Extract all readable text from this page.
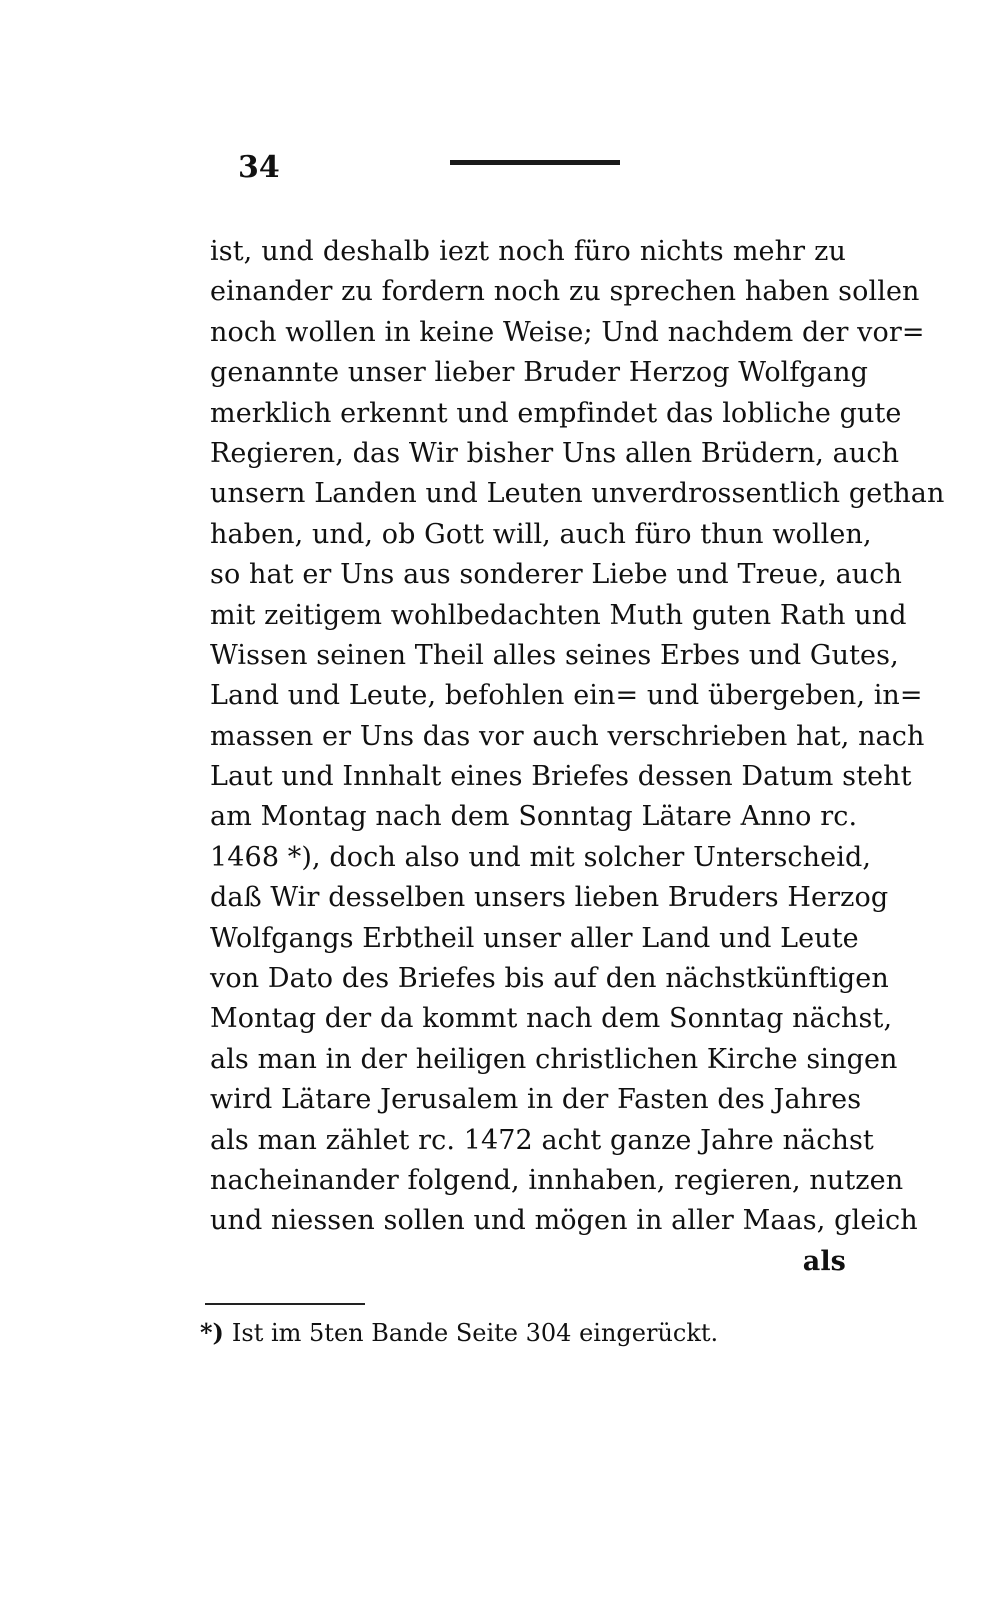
34
ist, und deshalb iezt noch füro nichts mehr zu
einander zu fordern noch zu sprechen haben sollen
noch wollen in keine Weise; Und nachdem der vor=
genannte unser lieber Bruder Herzog Wolfgang
merklich erkennt und empfindet das lobliche gute
Regieren, das Wir bisher Uns allen Brüdern, auch
unsern Landen und Leuten unverdrossentlich gethan
haben, und, ob Gott will, auch füro thun wollen,
so hat er Uns aus sonderer Liebe und Treue, auch
mit zeitigem wohlbedachten Muth guten Rath und
Wissen seinen Theil alles seines Erbes und Gutes,
Land und Leute, befohlen ein= und übergeben, in=
massen er Uns das vor auch verschrieben hat, nach
Laut und Innhalt eines Briefes dessen Datum steht
am Montag nach dem Sonntag Lätare Anno rc.
1468 *), doch also und mit solcher Unterscheid,
daß Wir desselben unsers lieben Bruders Herzog
Wolfgangs Erbtheil unser aller Land und Leute
von Dato des Briefes bis auf den nächstkünftigen
Montag der da kommt nach dem Sonntag nächst,
als man in der heiligen christlichen Kirche singen
wird Lätare Jerusalem in der Fasten des Jahres
als man zählet rc. 1472 acht ganze Jahre nächst
nacheinander folgend, innhaben, regieren, nutzen
und niessen sollen und mögen in aller Maas, gleich
als
*) Ist im 5ten Bande Seite 304 eingerückt.
